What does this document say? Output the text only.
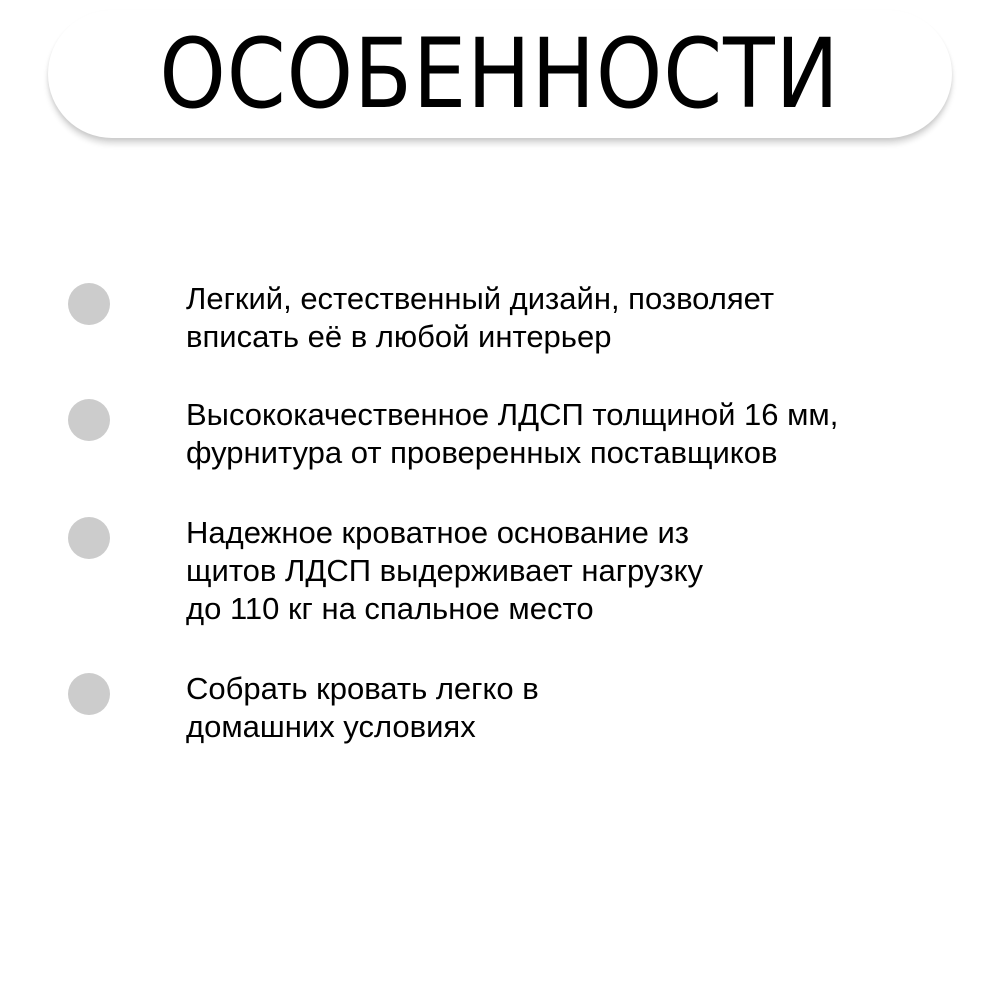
ОСОБЕННОСТИ

Легкий, естественный дизайн, позволяет
вписать её в любой интерьер

Высококачественное ЛДСП толщиной 16 мм,
фурнитура от проверенных поставщиков

Надежное кроватное основание из
щитов ЛДСП выдерживает нагрузку
до 110 кг на спальное место

Собрать кровать легко в
домашних условиях
